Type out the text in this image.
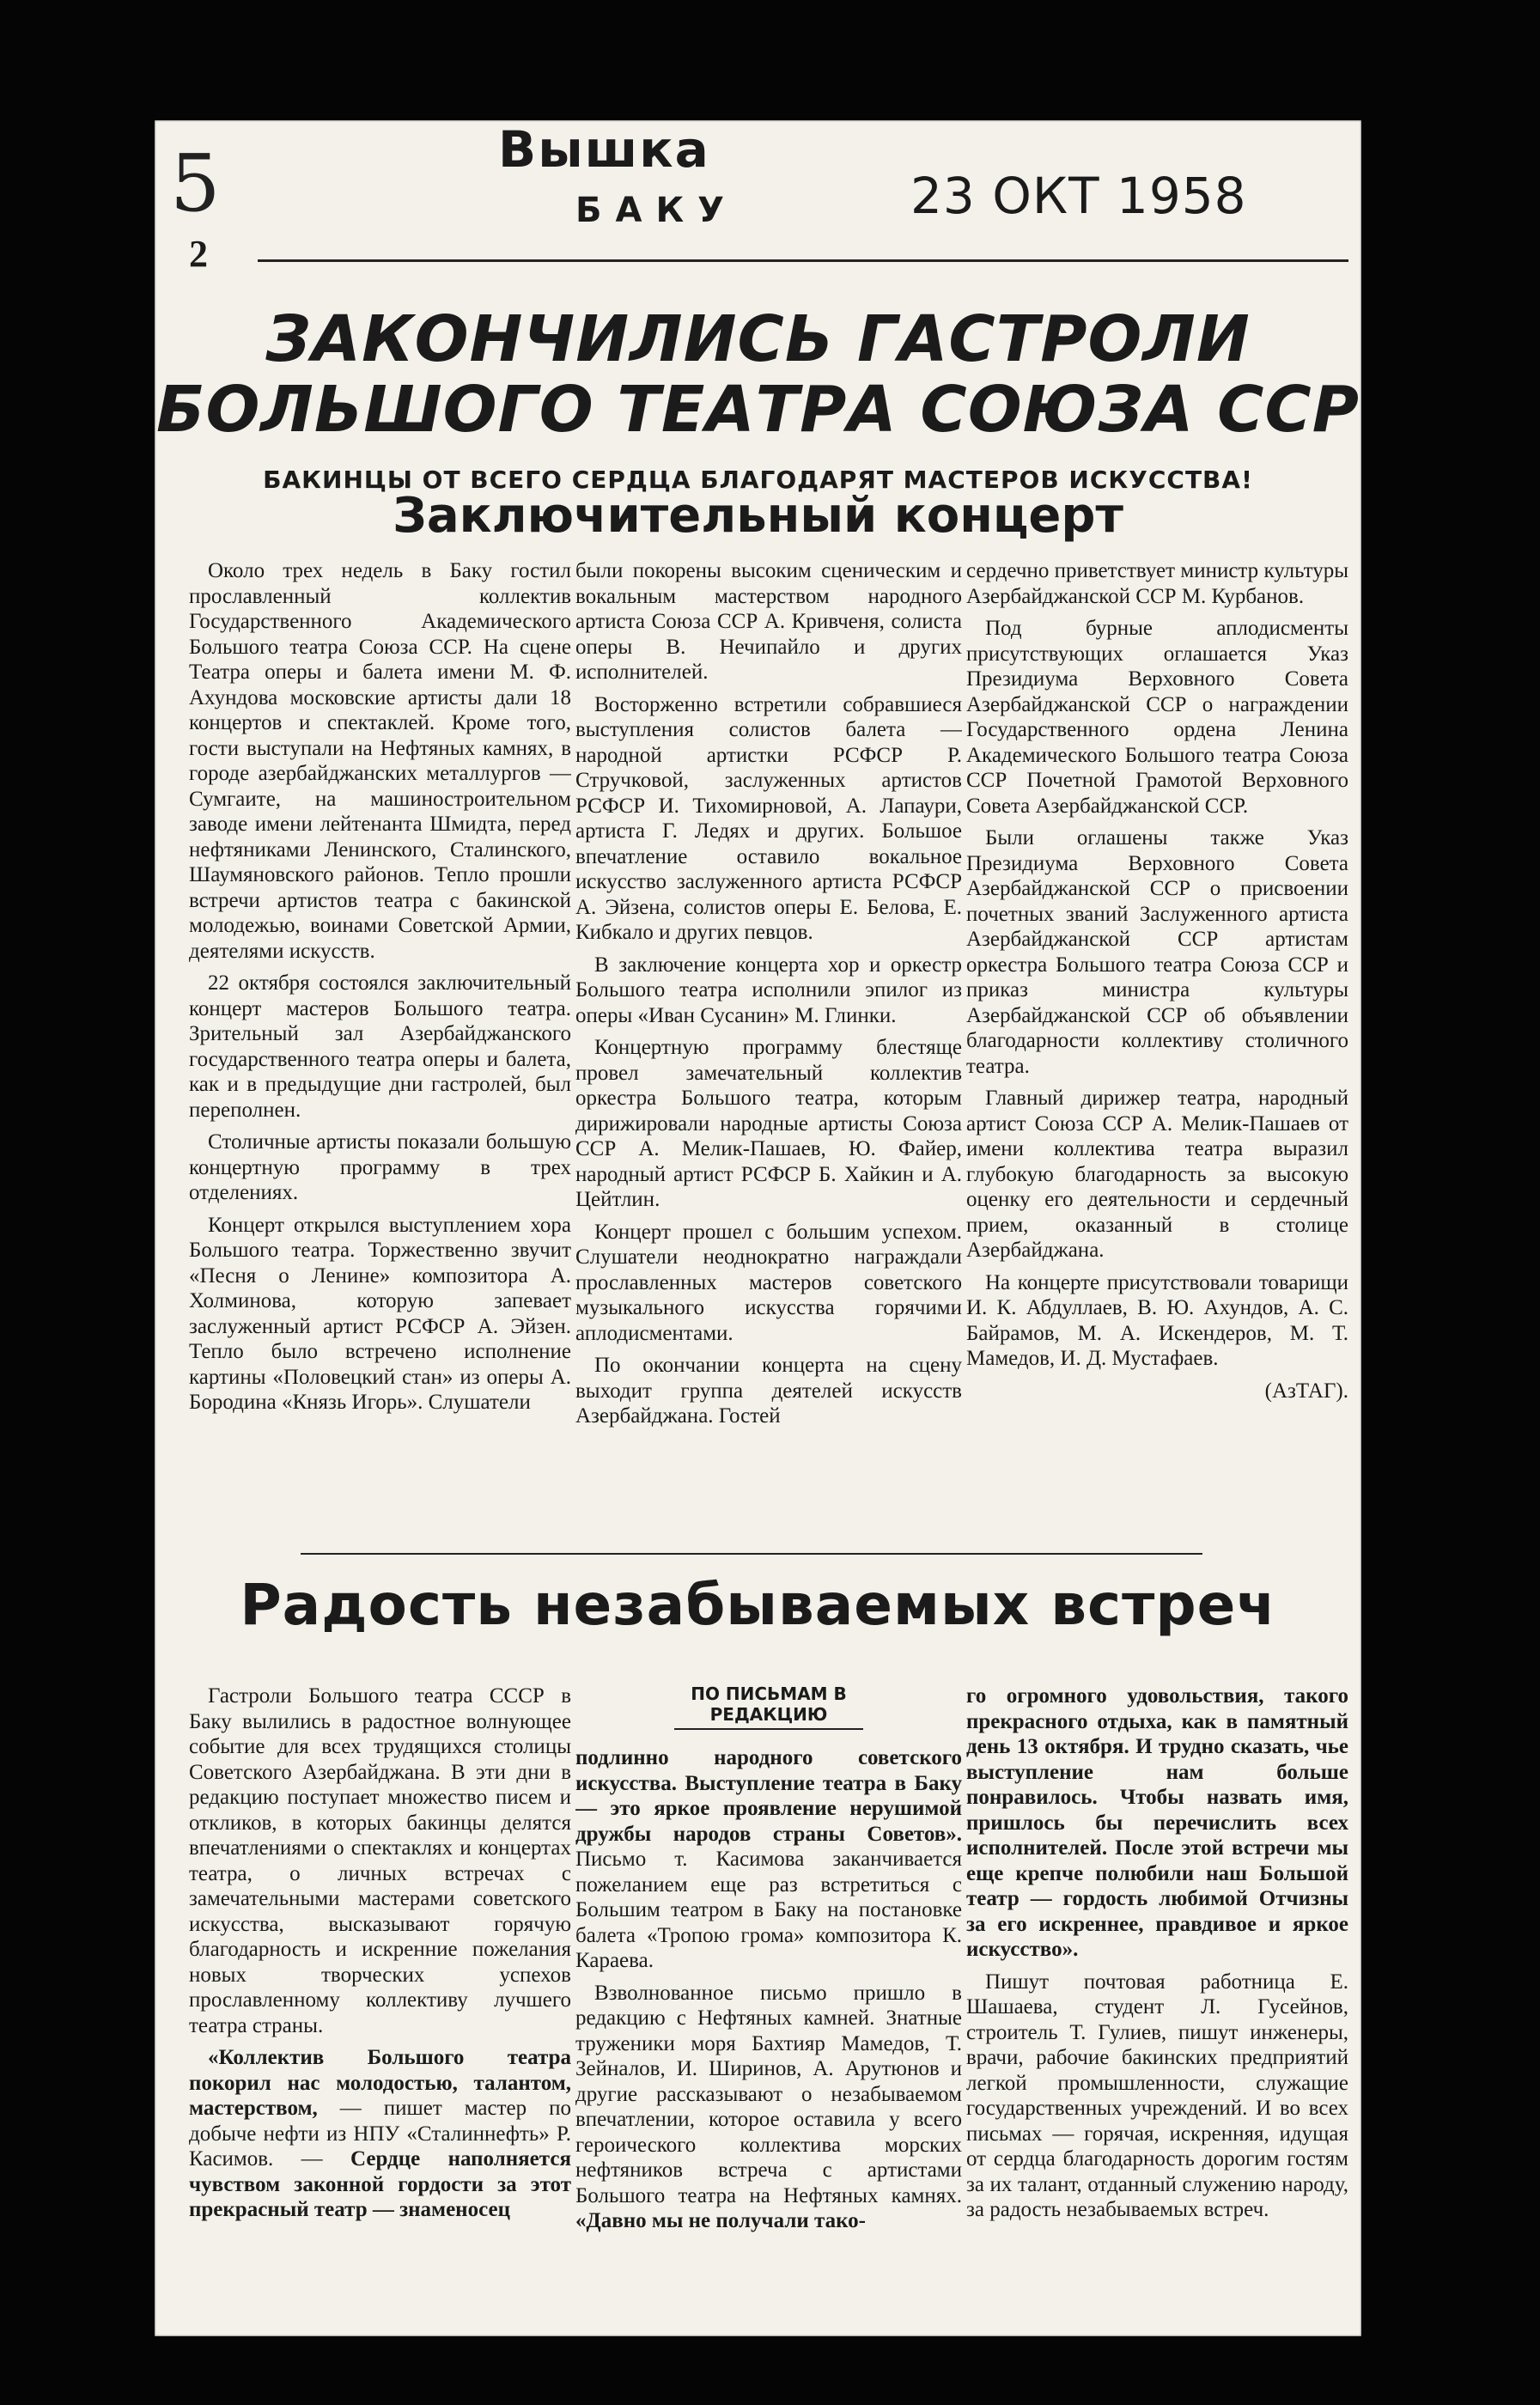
5
2
Вышка
БАКУ	23 ОКТ 1958
ЗАКОНЧИЛИСЬ ГАСТРОЛИ
БОЛЬШОГО ТЕАТРА СОЮЗА ССР
БАКИНЦЫ ОТ ВСЕГО СЕРДЦА БЛАГОДАРЯТ МАСТЕРОВ ИСКУССТВА!
Заключительный концерт

Около трех недель в Баку гостил прославленный коллектив Государственного Академического Большого театра Союза ССР. На сцене Театра оперы и балета имени М. Ф. Ахундова московские артисты дали 18 концертов и спектаклей. Кроме того, гости выступали на Нефтяных камнях, в городе азербайджанских металлургов — Сумгаите, на машиностроительном заводе имени лейтенанта Шмидта, перед нефтяниками Ленинского, Сталинского, Шаумяновского районов. Тепло прошли встречи артистов театра с бакинской молодежью, воинами Советской Армии, деятелями искусств.

22 октября состоялся заключительный концерт мастеров Большого театра. Зрительный зал Азербайджанского государственного театра оперы и балета, как и в предыдущие дни гастролей, был переполнен.

Столичные артисты показали большую концертную программу в трех отделениях.

Концерт открылся выступлением хора Большого театра. Торжественно звучит «Песня о Ленине» композитора А. Холминова, которую запевает заслуженный артист РСФСР А. Эйзен. Тепло было встречено исполнение картины «Половецкий стан» из оперы А. Бородина «Князь Игорь». Слушатели

были покорены высоким сценическим и вокальным мастерством народного артиста Союза ССР А. Кривченя, солиста оперы В. Нечипайло и других исполнителей.

Восторженно встретили собравшиеся выступления солистов балета — народной артистки РСФСР Р. Стручковой, заслуженных артистов РСФСР И. Тихомирновой, А. Лапаури, артиста Г. Ледях и других. Большое впечатление оставило вокальное искусство заслуженного артиста РСФСР А. Эйзена, солистов оперы Е. Белова, Е. Кибкало и других певцов.

В заключение концерта хор и оркестр Большого театра исполнили эпилог из оперы «Иван Сусанин» М. Глинки.

Концертную программу блестяще провел замечательный коллектив оркестра Большого театра, которым дирижировали народные артисты Союза ССР А. Мелик-Пашаев, Ю. Файер, народный артист РСФСР Б. Хайкин и А. Цейтлин.

Концерт прошел с большим успехом. Слушатели неоднократно награждали прославленных мастеров советского музыкального искусства горячими аплодисментами.

По окончании концерта на сцену выходит группа деятелей искусств Азербайджана. Гостей

сердечно приветствует министр культуры Азербайджанской ССР М. Курбанов.

Под бурные аплодисменты присутствующих оглашается Указ Президиума Верховного Совета Азербайджанской ССР о награждении Государственного ордена Ленина Академического Большого театра Союза ССР Почетной Грамотой Верховного Совета Азербайджанской ССР.

Были оглашены также Указ Президиума Верховного Совета Азербайджанской ССР о присвоении почетных званий Заслуженного артиста Азербайджанской ССР артистам оркестра Большого театра Союза ССР и приказ министра культуры Азербайджанской ССР об объявлении благодарности коллективу столичного театра.

Главный дирижер театра, народный артист Союза ССР А. Мелик-Пашаев от имени коллектива театра выразил глубокую благодарность за высокую оценку его деятельности и сердечный прием, оказанный в столице Азербайджана.

На концерте присутствовали товарищи И. К. Абдуллаев, В. Ю. Ахундов, А. С. Байрамов, М. А. Искендеров, М. Т. Мамедов, И. Д. Мустафаев.

(АзТАГ).

Радость незабываемых встреч

Гастроли Большого театра СССР в Баку вылились в радостное волнующее событие для всех трудящихся столицы Советского Азербайджана. В эти дни в редакцию поступает множество писем и откликов, в которых бакинцы делятся впечатлениями о спектаклях и концертах театра, о личных встречах с замечательными мастерами советского искусства, высказывают горячую благодарность и искренние пожелания новых творческих успехов прославленному коллективу лучшего театра страны.

«Коллектив Большого театра покорил нас молодостью, талантом, мастерством, — пишет мастер по добыче нефти из НПУ «Сталиннефть» Р. Касимов. — Сердце наполняется чувством законной гордости за этот прекрасный театр — знаменосец

ПО ПИСЬМАМ В РЕДАКЦИЮ

подлинно народного советского искусства. Выступление театра в Баку — это яркое проявление нерушимой дружбы народов страны Советов». Письмо т. Касимова заканчивается пожеланием еще раз встретиться с Большим театром в Баку на постановке балета «Тропою грома» композитора К. Караева.

Взволнованное письмо пришло в редакцию с Нефтяных камней. Знатные труженики моря Бахтияр Мамедов, Т. Зейналов, И. Ширинов, А. Арутюнов и другие рассказывают о незабываемом впечатлении, которое оставила у всего героического коллектива морских нефтяников встреча с артистами Большого театра на Нефтяных камнях. «Давно мы не получали тако-

го огромного удовольствия, такого прекрасного отдыха, как в памятный день 13 октября. И трудно сказать, чье выступление нам больше понравилось. Чтобы назвать имя, пришлось бы перечислить всех исполнителей. После этой встречи мы еще крепче полюбили наш Большой театр — гордость любимой Отчизны за его искреннее, правдивое и яркое искусство».

Пишут почтовая работница Е. Шашаева, студент Л. Гусейнов, строитель Т. Гулиев, пишут инженеры, врачи, рабочие бакинских предприятий легкой промышленности, служащие государственных учреждений. И во всех письмах — горячая, искренняя, идущая от сердца благодарность дорогим гостям за их талант, отданный служению народу, за радость незабываемых встреч.
